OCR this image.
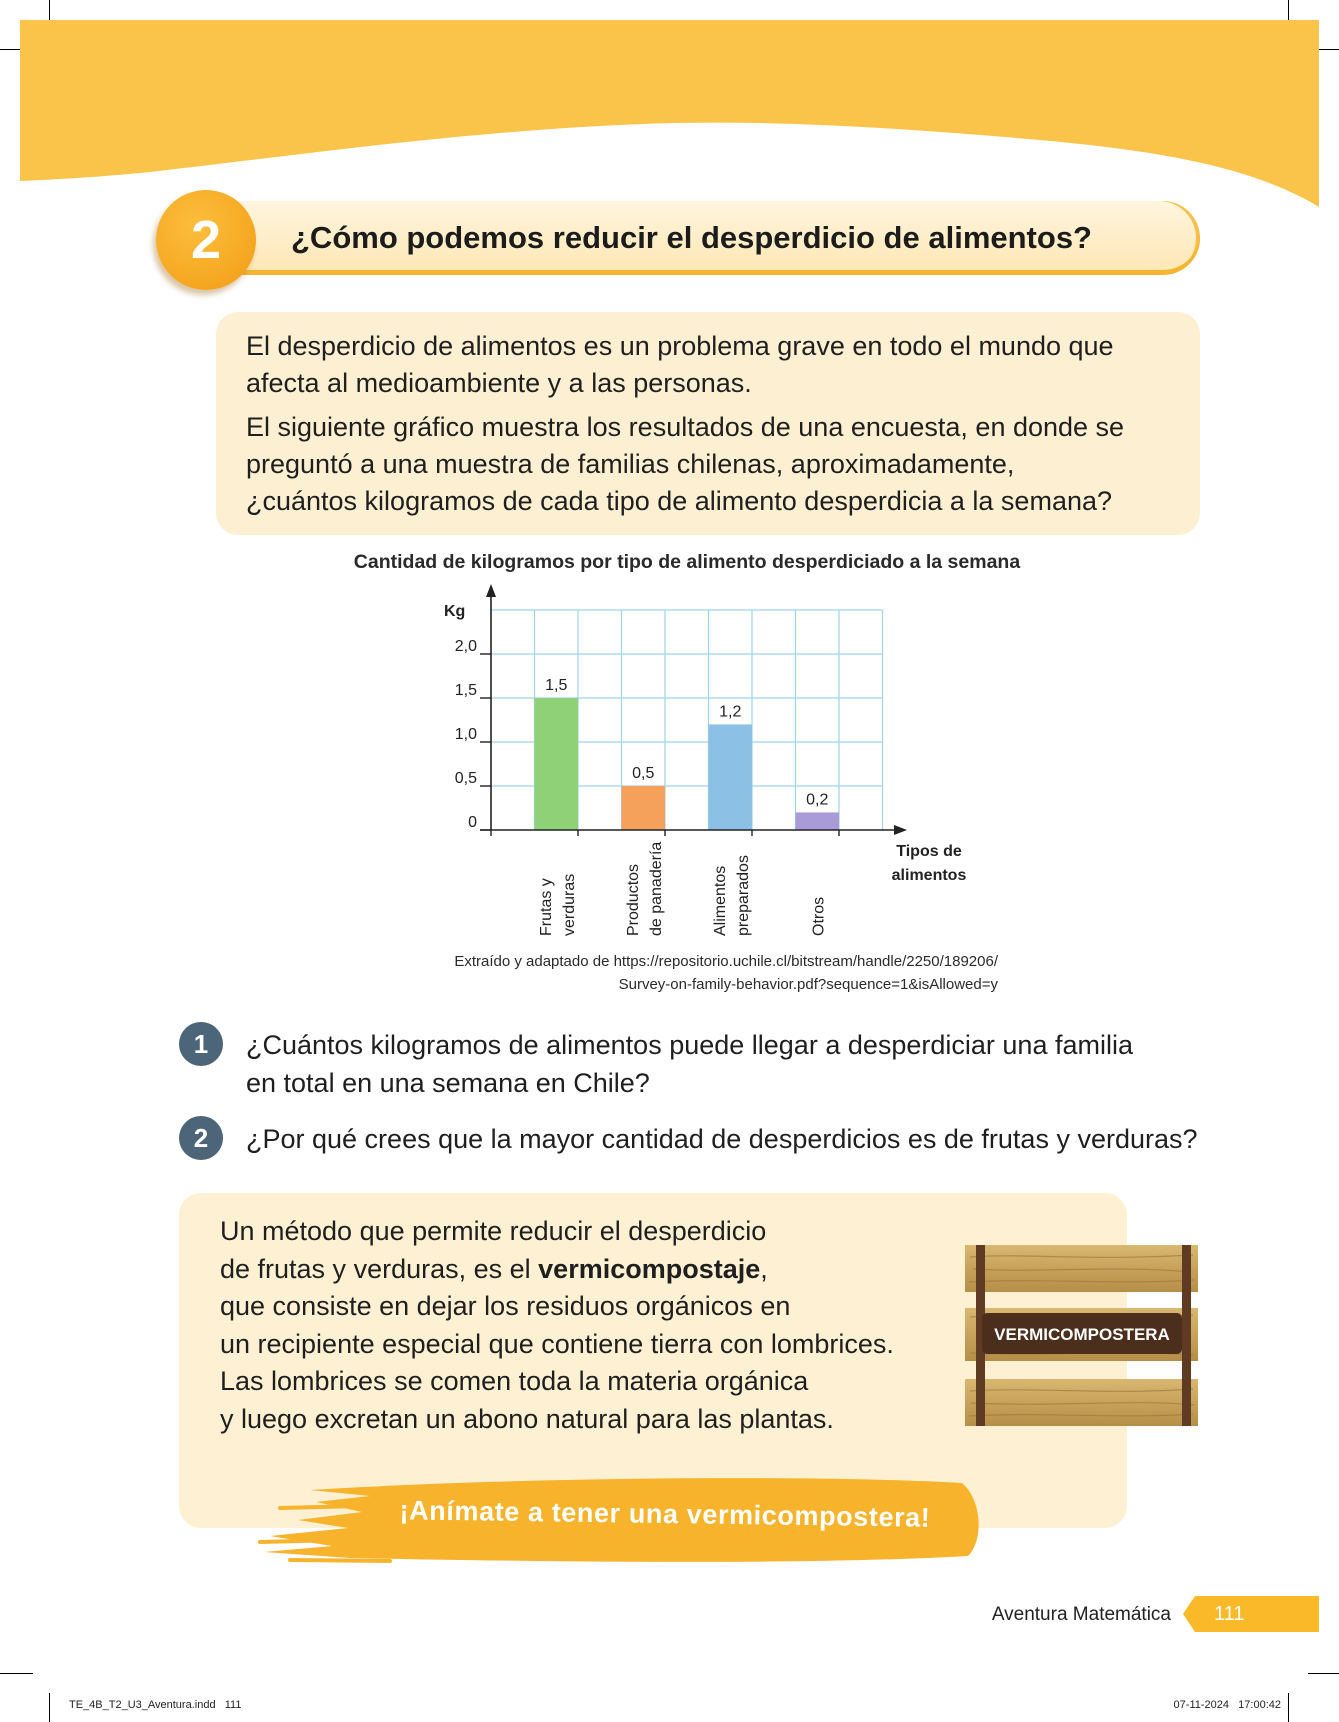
2 ¿Cómo podemos reducir el desperdicio de alimentos?
El desperdicio de alimentos es un problema grave en todo el mundo que
afecta al medioambiente y a las personas.
El siguiente gráfico muestra los resultados de una encuesta, en donde se
preguntó a una muestra de familias chilenas, aproximadamente,
¿cuántos kilogramos de cada tipo de alimento desperdicia a la semana?
Cantidad de kilogramos por tipo de alimento desperdiciado a la semana
1,5
Frutas y verduras
0,5
Productos de panadería
1,2
Alimentos preparados
0,2
Otros
0
0,5
1,0
1,5
2,0
Kg
Tipos de
alimentos
Extraído y adaptado de https://repositorio.uchile.cl/bitstream/handle/2250/189206/
Survey-on-family-behavior.pdf?sequence=1&isAllowed=y
1 ¿Cuántos kilogramos de alimentos puede llegar a desperdiciar una familia
en total en una semana en Chile?
2 ¿Por qué crees que la mayor cantidad de desperdicios es de frutas y verduras?
Un método que permite reducir el desperdicio
de frutas y verduras, es el vermicompostaje,
que consiste en dejar los residuos orgánicos en
un recipiente especial que contiene tierra con lombrices.
Las lombrices se comen toda la materia orgánica
y luego excretan un abono natural para las plantas.
VERMICOMPOSTERA
¡Anímate a tener una vermicompostera!
Aventura Matemática 111
TE_4B_T2_U3_Aventura.indd   111	07-11-2024   17:00:42
